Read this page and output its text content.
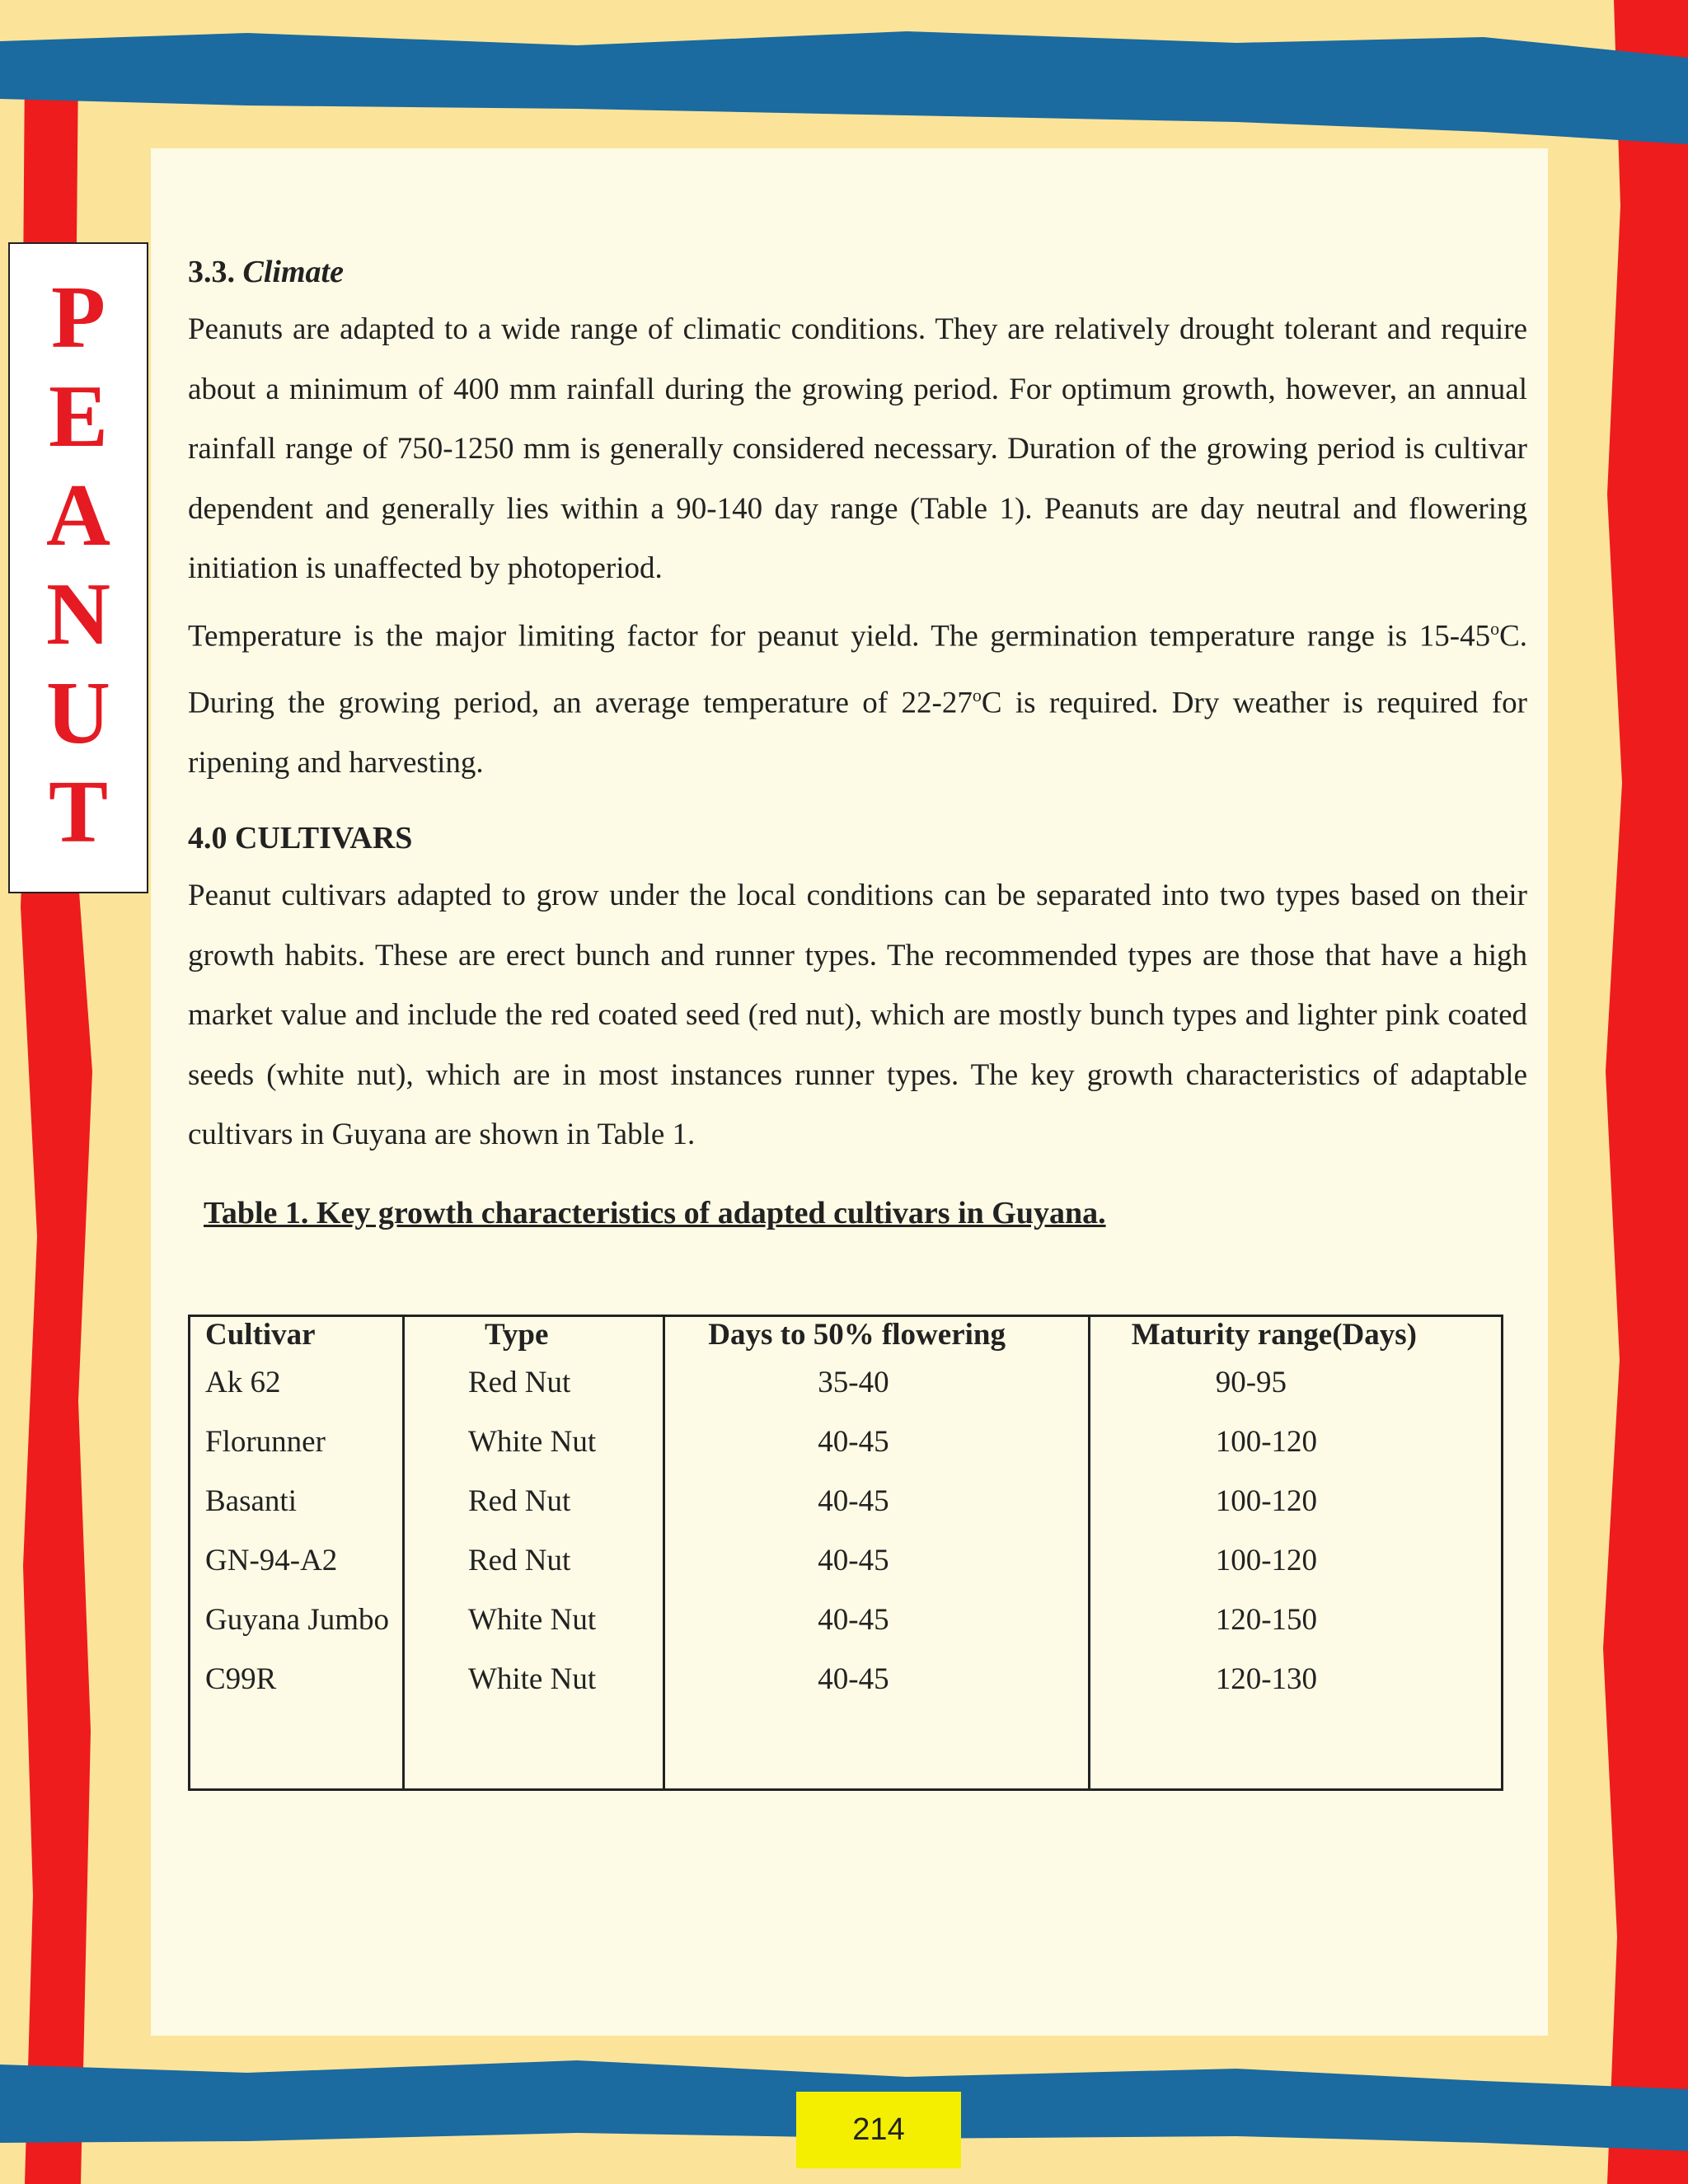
P
E
A
N
U
T

3.3. Climate

Peanuts are adapted to a wide range of climatic conditions. They are relatively drought tolerant and require about a minimum of 400 mm rainfall during the growing period. For optimum growth, however, an annual rainfall range of 750-1250 mm is generally considered necessary. Duration of the growing period is cultivar dependent and generally lies within a 90-140 day range (Table 1). Peanuts are day neutral and flowering initiation is unaffected by photoperiod.

Temperature is the major limiting factor for peanut yield. The germination temperature range is 15-45$^o$C. During the growing period, an average temperature of 22-27$^o$C is required. Dry weather is required for ripening and harvesting.

4.0 CULTIVARS

Peanut cultivars adapted to grow under the local conditions can be separated into two types based on their growth habits. These are erect bunch and runner types. The recommended types are those that have a high market value and include the red coated seed (red nut), which are mostly bunch types and lighter pink coated seeds (white nut), which are in most instances runner types. The key growth characteristics of adaptable cultivars in Guyana are shown in Table 1.

Table 1. Key growth characteristics of adapted cultivars in Guyana.

Cultivar	Type	Days to 50% flowering	Maturity range(Days)
Ak 62	Red Nut	35-40	90-95
Florunner	White Nut	40-45	100-120
Basanti	Red Nut	40-45	100-120
GN-94-A2	Red Nut	40-45	100-120
Guyana Jumbo	White Nut	40-45	120-150
C99R	White Nut	40-45	120-130

214
